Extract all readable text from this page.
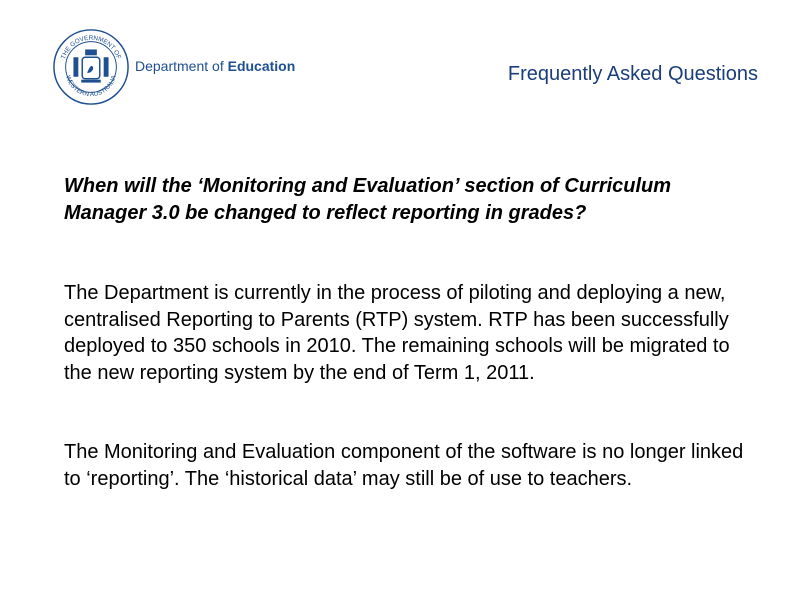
THE GOVERNMENT OF
WESTERN AUSTRALIA
Department of Education	Frequently Asked Questions
When will the ‘Monitoring and Evaluation’ section of Curriculum Manager 3.0 be changed to reflect reporting in grades?

The Department is currently in the process of piloting and deploying a new, centralised Reporting to Parents (RTP) system. RTP has been successfully deployed to 350 schools in 2010. The remaining schools will be migrated to the new reporting system by the end of Term 1, 2011.

The Monitoring and Evaluation component of the software is no longer linked to ‘reporting’. The ‘historical data’ may still be of use to teachers.
